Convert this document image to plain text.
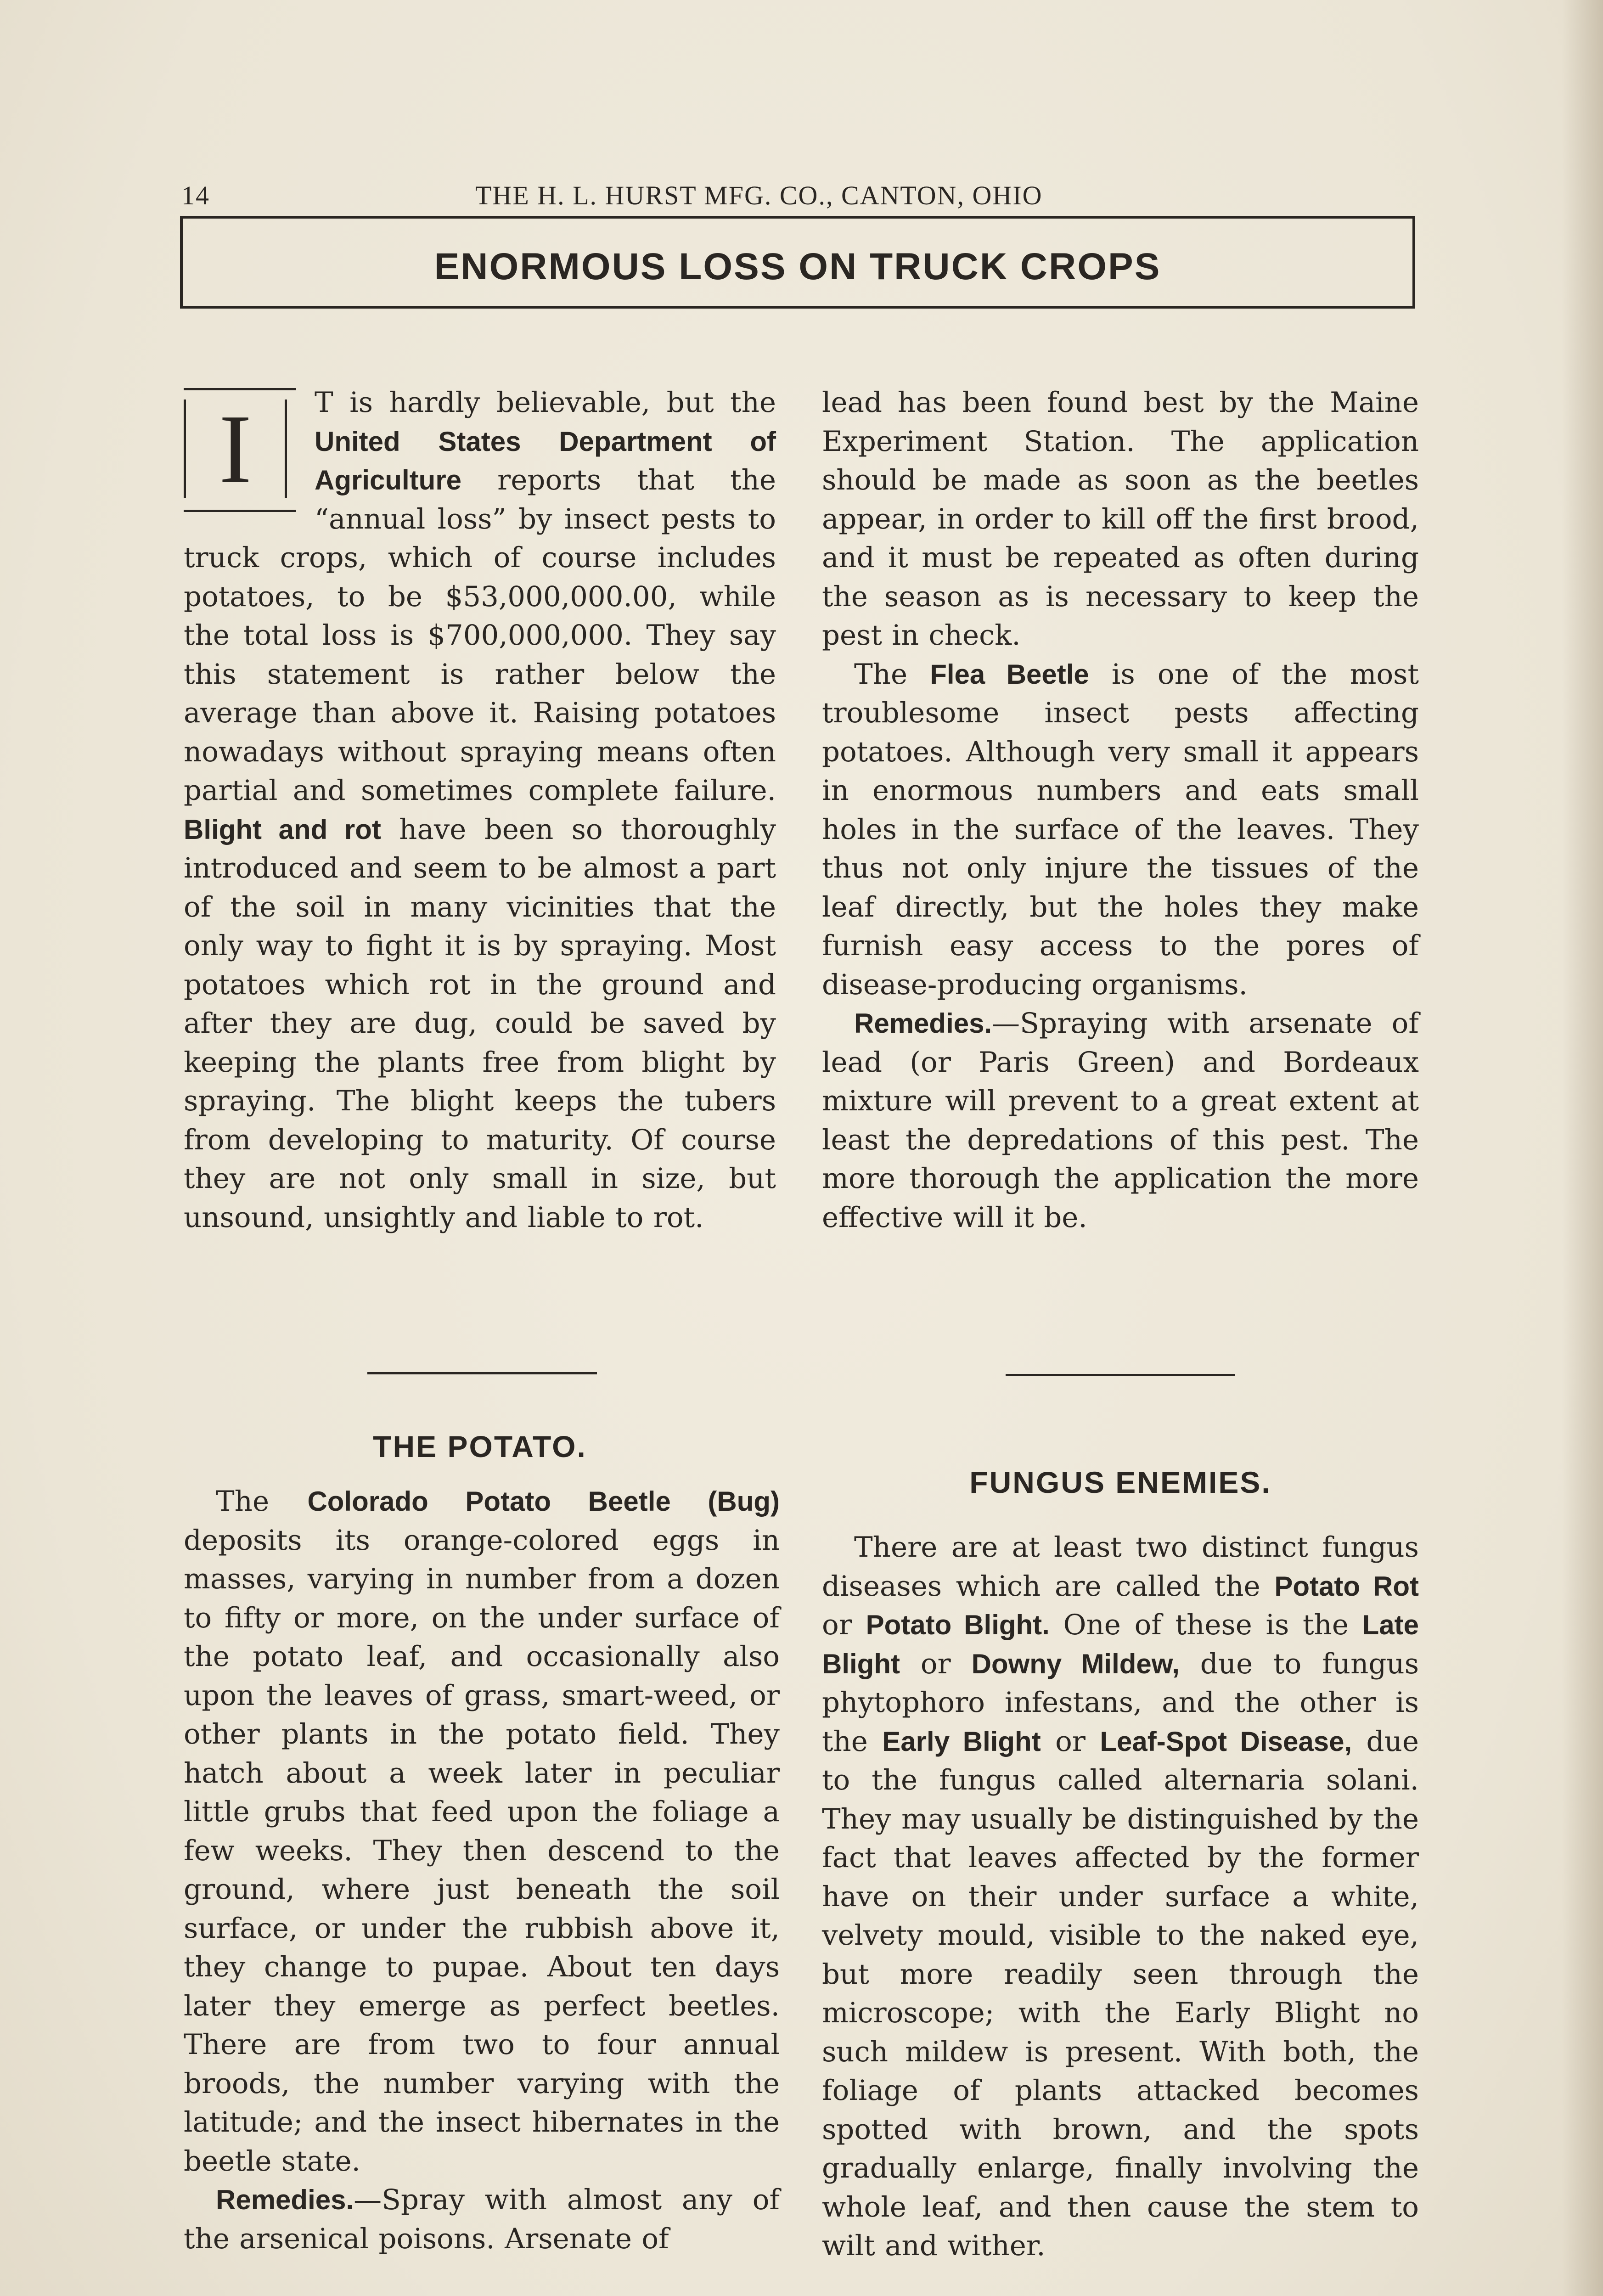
14	THE H. L. HURST MFG. CO., CANTON, OHIO
ENORMOUS LOSS ON TRUCK CROPS
I	T is hardly believable, but the United States Department of Agriculture reports that the “annual loss” by insect pests to truck crops, which of course includes potatoes, to be $53,000,000.00, while the total loss is $700,000,000. They say this statement is rather below the average than above it. Raising potatoes nowadays without spraying means often partial and sometimes complete failure. Blight and rot have been so thoroughly introduced and seem to be almost a part of the soil in many vicinities that the only way to fight it is by spraying. Most potatoes which rot in the ground and after they are dug, could be saved by keeping the plants free from blight by spraying. The blight keeps the tubers from developing to maturity. Of course they are not only small in size, but unsound, unsightly and liable to rot.

lead has been found best by the Maine Experiment Station. The application should be made as soon as the beetles appear, in order to kill off the first brood, and it must be repeated as often during the season as is necessary to keep the pest in check.

The Flea Beetle is one of the most troublesome insect pests affecting potatoes. Although very small it appears in enormous numbers and eats small holes in the surface of the leaves. They thus not only injure the tissues of the leaf directly, but the holes they make furnish easy access to the pores of disease-producing organisms.

Remedies.—Spraying with arsenate of lead (or Paris Green) and Bordeaux mixture will prevent to a great extent at least the depredations of this pest. The more thorough the application the more effective will it be.

THE POTATO.
FUNGUS ENEMIES.

The Colorado Potato Beetle (Bug) deposits its orange-colored eggs in masses, varying in number from a dozen to fifty or more, on the under surface of the potato leaf, and occasionally also upon the leaves of grass, smart-weed, or other plants in the potato field. They hatch about a week later in peculiar little grubs that feed upon the foliage a few weeks. They then descend to the ground, where just beneath the soil surface, or under the rubbish above it, they change to pupae. About ten days later they emerge as perfect beetles. There are from two to four annual broods, the number varying with the latitude; and the insect hibernates in the beetle state.

Remedies.—Spray with almost any of the arsenical poisons. Arsenate of

There are at least two distinct fungus diseases which are called the Potato Rot or Potato Blight. One of these is the Late Blight or Downy Mildew, due to fungus phytophoro infestans, and the other is the Early Blight or Leaf-Spot Disease, due to the fungus called alternaria solani. They may usually be distinguished by the fact that leaves affected by the former have on their under surface a white, velvety mould, visible to the naked eye, but more readily seen through the microscope; with the Early Blight no such mildew is present. With both, the foliage of plants attacked becomes spotted with brown, and the spots gradually enlarge, finally involving the whole leaf, and then cause the stem to wilt and wither.
